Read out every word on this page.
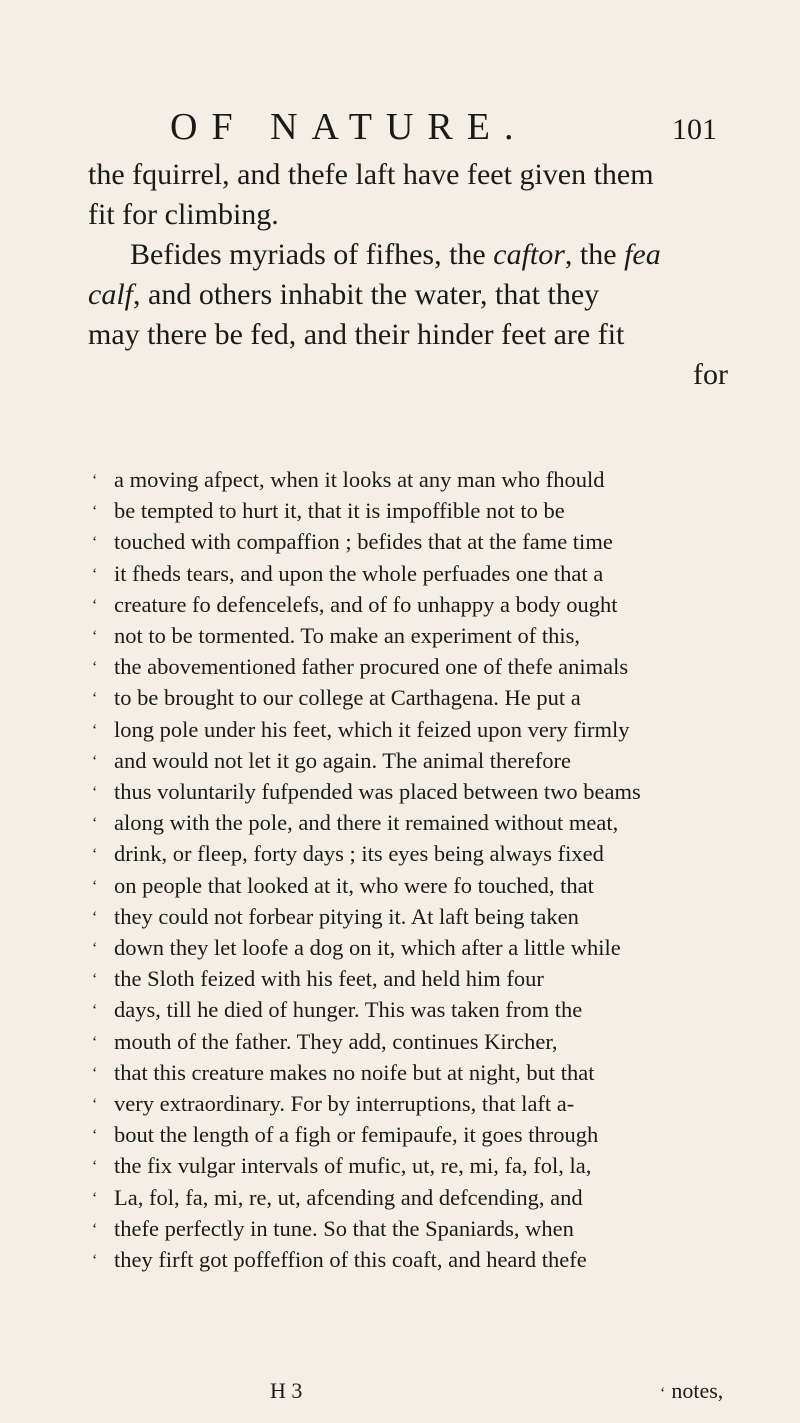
OF NATURE.	101
the fquirrel, and thefe laft have feet given them
fit for climbing.
Befides myriads of fifhes, the caftor, the fea
calf, and others inhabit the water, that they
may there be fed, and their hinder feet are fit
for
‘ a moving afpect, when it looks at any man who fhould
‘ be tempted to hurt it, that it is impoffible not to be
‘ touched with compaffion ; befides that at the fame time
‘ it fheds tears, and upon the whole perfuades one that a
‘ creature fo defencelefs, and of fo unhappy a body ought
‘ not to be tormented. To make an experiment of this,
‘ the abovementioned father procured one of thefe animals
‘ to be brought to our college at Carthagena. He put a
‘ long pole under his feet, which it feized upon very firmly
‘ and would not let it go again. The animal therefore
‘ thus voluntarily fufpended was placed between two beams
‘ along with the pole, and there it remained without meat,
‘ drink, or fleep, forty days ; its eyes being always fixed
‘ on people that looked at it, who were fo touched, that
‘ they could not forbear pitying it. At laft being taken
‘ down they let loofe a dog on it, which after a little while
‘ the Sloth feized with his feet, and held him four
‘ days, till he died of hunger. This was taken from the
‘ mouth of the father. They add, continues Kircher,
‘ that this creature makes no noife but at night, but that
‘ very extraordinary. For by interruptions, that laft a-
‘ bout the length of a figh or femipaufe, it goes through
‘ the fix vulgar intervals of mufic, ut, re, mi, fa, fol, la,
‘ La, fol, fa, mi, re, ut, afcending and defcending, and
‘ thefe perfectly in tune. So that the Spaniards, when
‘ they firft got poffeffion of this coaft, and heard thefe
H 3	‘ notes,
